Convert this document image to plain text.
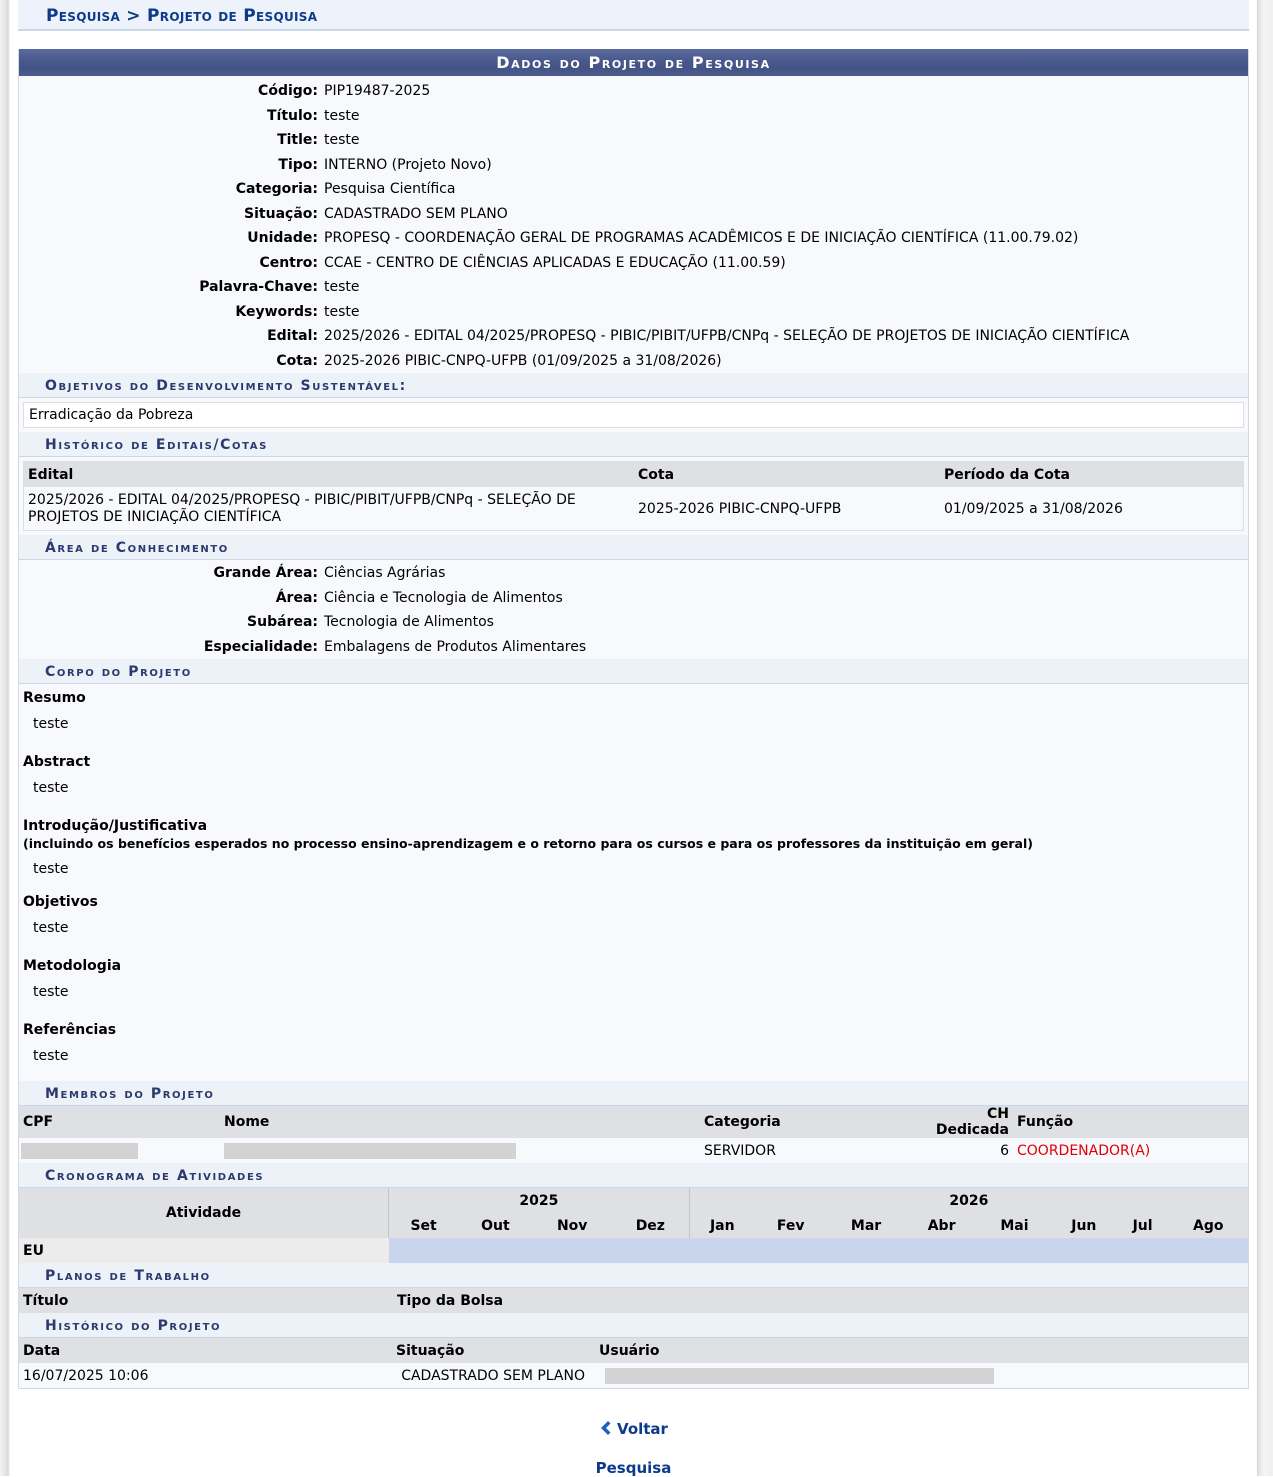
Pesquisa > Projeto de Pesquisa
Dados do Projeto de Pesquisa
Código: PIP19487-2025
Título: teste
Title: teste
Tipo: INTERNO (Projeto Novo)
Categoria: Pesquisa Científica
Situação: CADASTRADO SEM PLANO
Unidade: PROPESQ - COORDENAÇÃO GERAL DE PROGRAMAS ACADÊMICOS E DE INICIAÇÃO CIENTÍFICA (11.00.79.02)
Centro: CCAE - CENTRO DE CIÊNCIAS APLICADAS E EDUCAÇÃO (11.00.59)
Palavra-Chave: teste
Keywords: teste
Edital: 2025/2026 - EDITAL 04/2025/PROPESQ - PIBIC/PIBIT/UFPB/CNPq - SELEÇÃO DE PROJETOS DE INICIAÇÃO CIENTÍFICA
Cota: 2025-2026 PIBIC-CNPQ-UFPB (01/09/2025 a 31/08/2026)
Objetivos do Desenvolvimento Sustentável:
Erradicação da Pobreza
Histórico de Editais/Cotas
Edital	Cota	Período da Cota
2025/2026 - EDITAL 04/2025/PROPESQ - PIBIC/PIBIT/UFPB/CNPq - SELEÇÃO DE PROJETOS DE INICIAÇÃO CIENTÍFICA	2025-2026 PIBIC-CNPQ-UFPB	01/09/2025 a 31/08/2026
Área de Conhecimento
Grande Área: Ciências Agrárias
Área: Ciência e Tecnologia de Alimentos
Subárea: Tecnologia de Alimentos
Especialidade: Embalagens de Produtos Alimentares
Corpo do Projeto
Resumo
teste
Abstract
teste
Introdução/Justificativa
(incluindo os benefícios esperados no processo ensino-aprendizagem e o retorno para os cursos e para os professores da instituição em geral)
teste
Objetivos
teste
Metodologia
teste
Referências
teste
Membros do Projeto
CPF	Nome	Categoria	CH Dedicada	Função
		SERVIDOR	6	COORDENADOR(A)
Cronograma de Atividades
Atividade	2025				2026							
	Set	Out	Nov	Dez	Jan	Fev	Mar	Abr	Mai	Jun	Jul	Ago
EU												
Planos de Trabalho
Título	Tipo da Bolsa
Histórico do Projeto
Data	Situação	Usuário
16/07/2025 10:06	CADASTRADO SEM PLANO	
Voltar
Pesquisa
